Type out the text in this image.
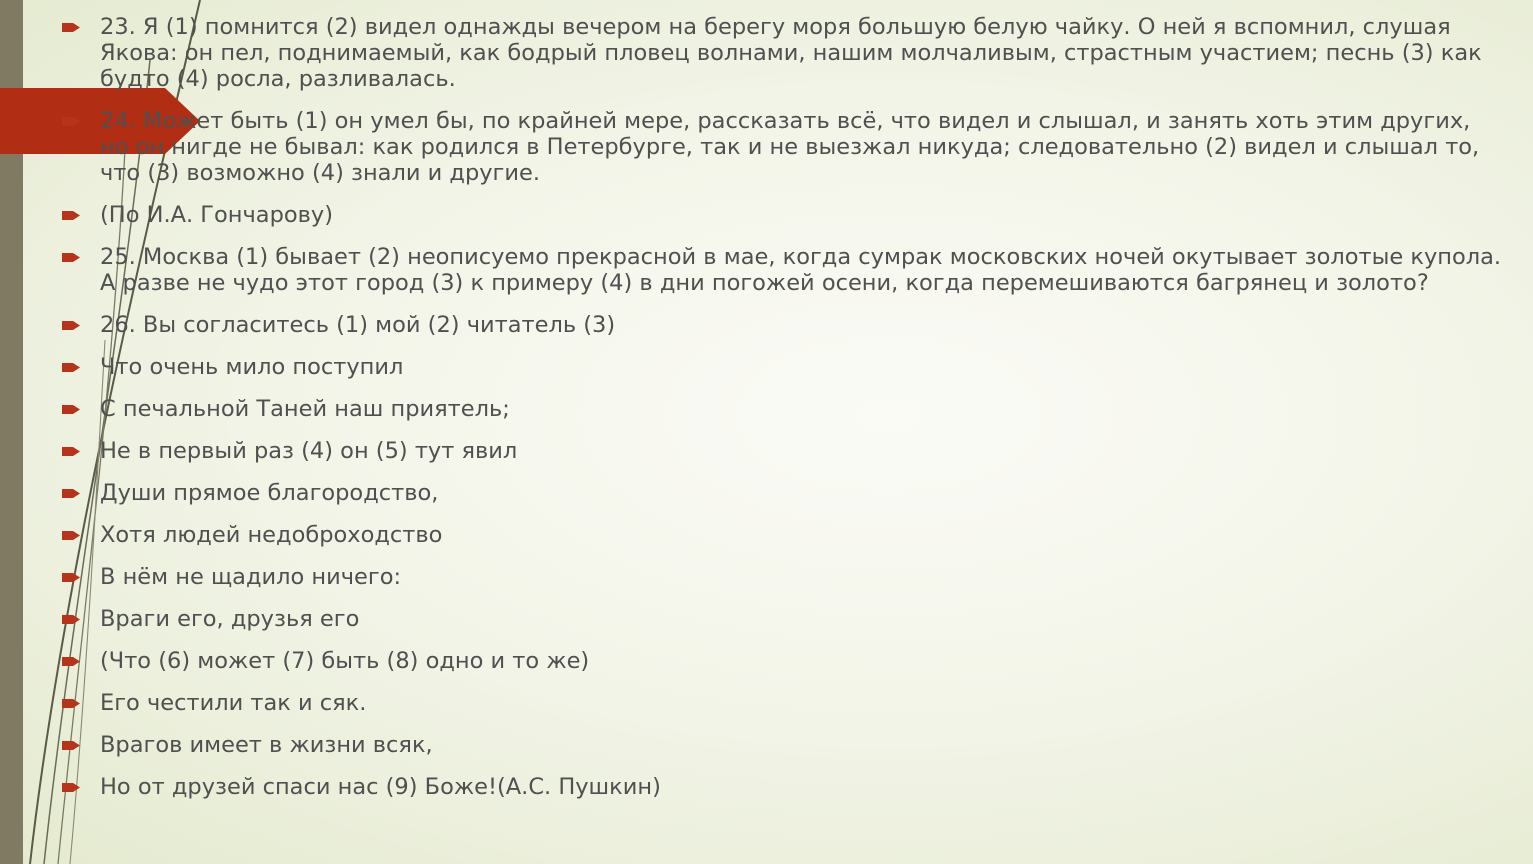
23. Я (1) помнится (2) видел однажды вечером на берегу моря большую белую чайку. О ней я вспомнил, слушая Якова: он пел, поднимаемый, как бодрый пловец волнами, нашим молчаливым, страстным участием; песнь (3) как будто (4) росла, разливалась.
24. Может быть (1) он умел бы, по крайней мере, рассказать всё, что видел и слышал, и занять хоть этим других, но он нигде не бывал: как родился в Петербурге, так и не выезжал никуда; следовательно (2) видел и слышал то, что (3) возможно (4) знали и другие.
(По И.А. Гончарову)
25. Москва (1) бывает (2) неописуемо прекрасной в мае, когда сумрак московских ночей окутывает золотые купола. А разве не чудо этот город (3) к примеру (4) в дни погожей осени, когда перемешиваются багрянец и золото?
26. Вы согласитесь (1) мой (2) читатель (3)
Что очень мило поступил
С печальной Таней наш приятель;
Не в первый раз (4) он (5) тут явил
Души прямое благородство,
Хотя людей недоброходство
В нём не щадило ничего:
Враги его, друзья его
(Что (6) может (7) быть (8) одно и то же)
Его честили так и сяк.
Врагов имеет в жизни всяк,
Но от друзей спаси нас (9) Боже!(А.С. Пушкин)
